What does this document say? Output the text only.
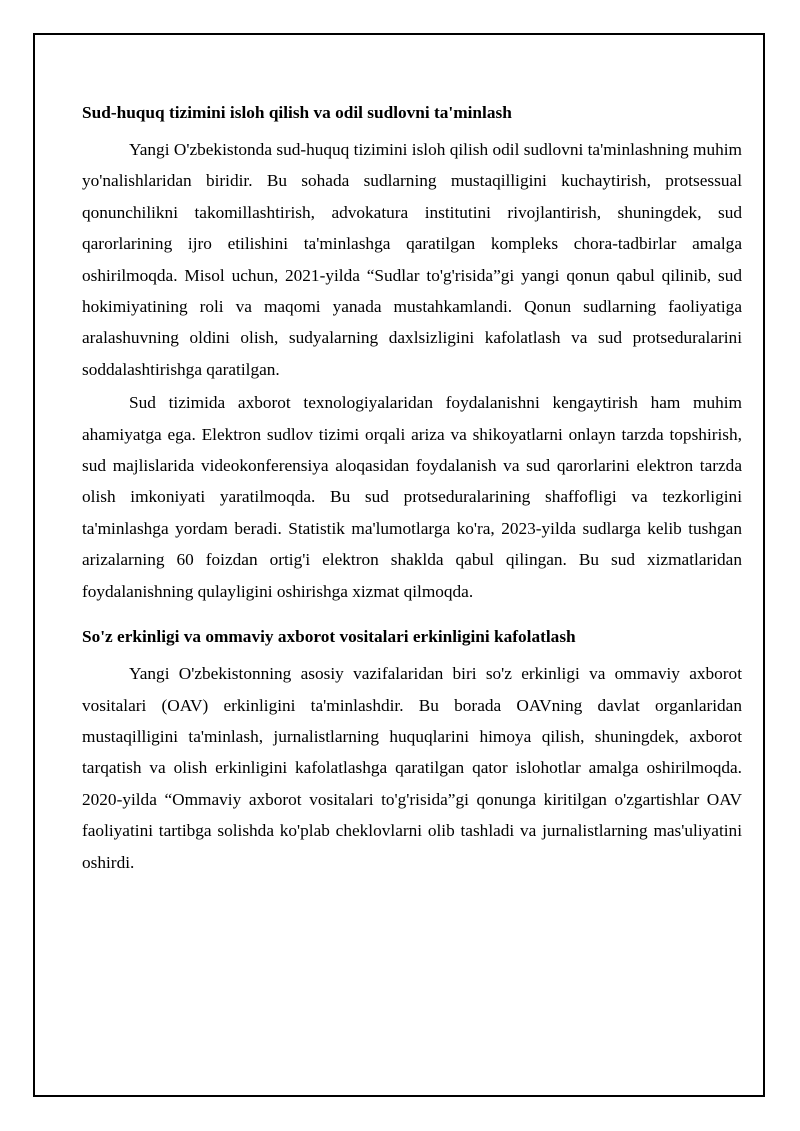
Sud-huquq tizimini isloh qilish va odil sudlovni ta'minlash

Yangi O'zbekistonda sud-huquq tizimini isloh qilish odil sudlovni ta'minlashning muhim yo'nalishlaridan biridir. Bu sohada sudlarning mustaqilligini kuchaytirish, protsessual qonunchilikni takomillashtirish, advokatura institutini rivojlantirish, shuningdek, sud qarorlarining ijro etilishini ta'minlashga qaratilgan kompleks chora-tadbirlar amalga oshirilmoqda. Misol uchun, 2021-yilda “Sudlar to'g'risida”gi yangi qonun qabul qilinib, sud hokimiyatining roli va maqomi yanada mustahkamlandi. Qonun sudlarning faoliyatiga aralashuvning oldini olish, sudyalarning daxlsizligini kafolatlash va sud protseduralarini soddalashtirishga qaratilgan.

Sud tizimida axborot texnologiyalaridan foydalanishni kengaytirish ham muhim ahamiyatga ega. Elektron sudlov tizimi orqali ariza va shikoyatlarni onlayn tarzda topshirish, sud majlislarida videokonferensiya aloqasidan foydalanish va sud qarorlarini elektron tarzda olish imkoniyati yaratilmoqda. Bu sud protseduralarining shaffofligi va tezkorligini ta'minlashga yordam beradi. Statistik ma'lumotlarga ko'ra, 2023-yilda sudlarga kelib tushgan arizalarning 60 foizdan ortig'i elektron shaklda qabul qilingan. Bu sud xizmatlaridan foydalanishning qulayligini oshirishga xizmat qilmoqda.

So'z erkinligi va ommaviy axborot vositalari erkinligini kafolatlash

Yangi O'zbekistonning asosiy vazifalaridan biri so'z erkinligi va ommaviy axborot vositalari (OAV) erkinligini ta'minlashdir. Bu borada OAVning davlat organlaridan mustaqilligini ta'minlash, jurnalistlarning huquqlarini himoya qilish, shuningdek, axborot tarqatish va olish erkinligini kafolatlashga qaratilgan qator islohotlar amalga oshirilmoqda. 2020-yilda “Ommaviy axborot vositalari to'g'risida”gi qonunga kiritilgan o'zgartishlar OAV faoliyatini tartibga solishda ko'plab cheklovlarni olib tashladi va jurnalistlarning mas'uliyatini oshirdi.
